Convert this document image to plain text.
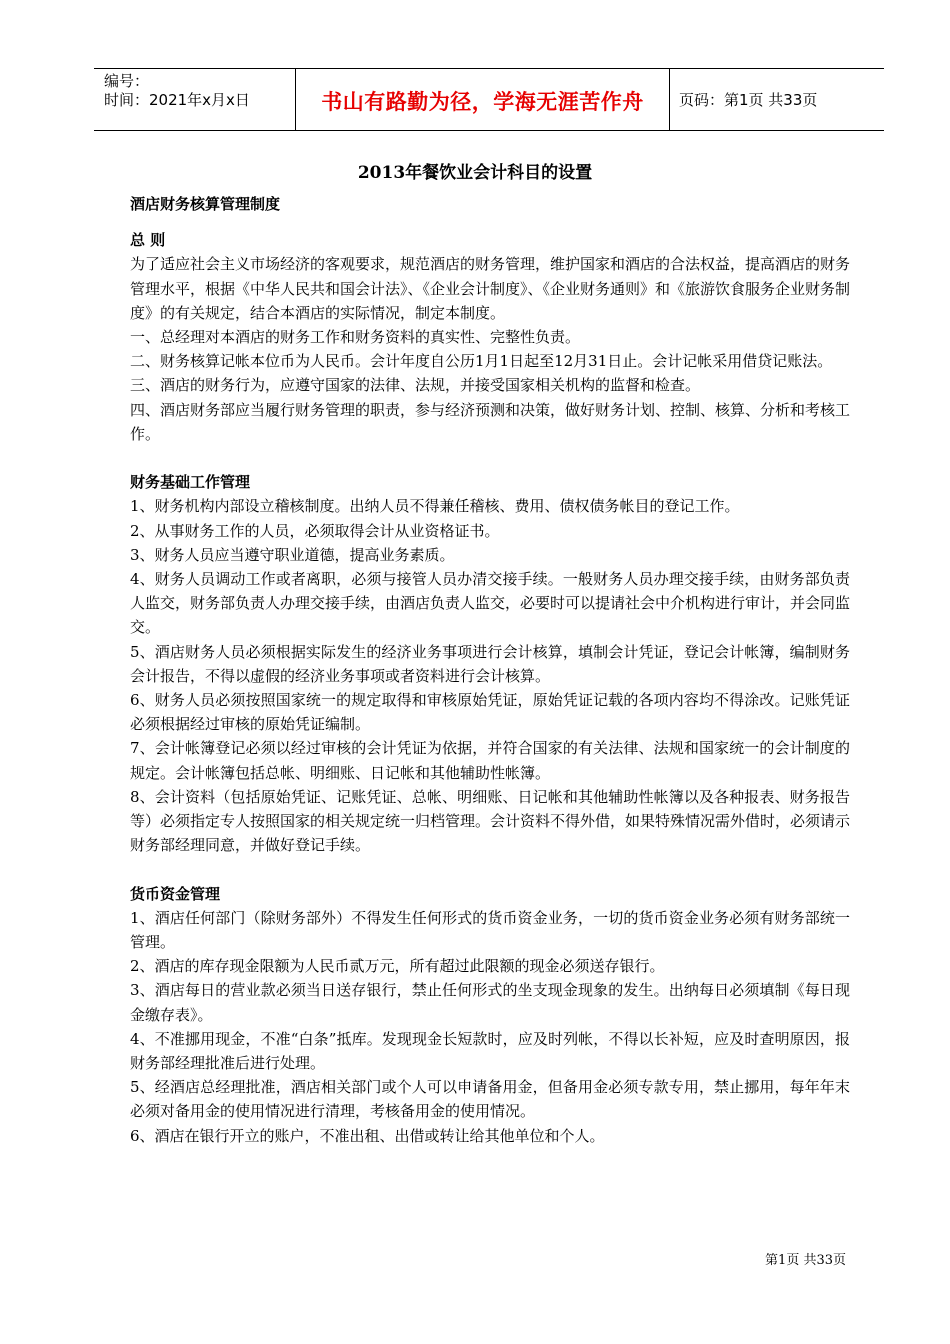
编号：
时间：2021年x月x日	书山有路勤为径，学海无涯苦作舟	页码：第1页 共33页
2013年餐饮业会计科目的设置

酒店财务核算管理制度

总 则

为了适应社会主义市场经济的客观要求，规范酒店的财务管理，维护国家和酒店的合法权益，提高酒店的财务管理水平，根据《中华人民共和国会计法》、《企业会计制度》、《企业财务通则》和《旅游饮食服务企业财务制度》的有关规定，结合本酒店的实际情况，制定本制度。

一、总经理对本酒店的财务工作和财务资料的真实性、完整性负责。

二、财务核算记帐本位币为人民币。会计年度自公历1月1日起至12月31日止。会计记帐采用借贷记账法。

三、酒店的财务行为，应遵守国家的法律、法规，并接受国家相关机构的监督和检查。

四、酒店财务部应当履行财务管理的职责，参与经济预测和决策，做好财务计划、控制、核算、分析和考核工作。

财务基础工作管理

1、财务机构内部设立稽核制度。出纳人员不得兼任稽核、费用、债权债务帐目的登记工作。

2、从事财务工作的人员，必须取得会计从业资格证书。

3、财务人员应当遵守职业道德，提高业务素质。

4、财务人员调动工作或者离职，必须与接管人员办清交接手续。一般财务人员办理交接手续，由财务部负责人监交，财务部负责人办理交接手续，由酒店负责人监交，必要时可以提请社会中介机构进行审计，并会同监交。

5、酒店财务人员必须根据实际发生的经济业务事项进行会计核算，填制会计凭证，登记会计帐簿，编制财务会计报告，不得以虚假的经济业务事项或者资料进行会计核算。

6、财务人员必须按照国家统一的规定取得和审核原始凭证，原始凭证记载的各项内容均不得涂改。记账凭证必须根据经过审核的原始凭证编制。

7、会计帐簿登记必须以经过审核的会计凭证为依据，并符合国家的有关法律、法规和国家统一的会计制度的规定。会计帐簿包括总帐、明细账、日记帐和其他辅助性帐簿。

8、会计资料（包括原始凭证、记账凭证、总帐、明细账、日记帐和其他辅助性帐簿以及各种报表、财务报告等）必须指定专人按照国家的相关规定统一归档管理。会计资料不得外借，如果特殊情况需外借时，必须请示财务部经理同意，并做好登记手续。

货币资金管理

1、酒店任何部门（除财务部外）不得发生任何形式的货币资金业务，一切的货币资金业务必须有财务部统一管理。

2、酒店的库存现金限额为人民币贰万元，所有超过此限额的现金必须送存银行。

3、酒店每日的营业款必须当日送存银行，禁止任何形式的坐支现金现象的发生。出纳每日必须填制《每日现金缴存表》。

4、不准挪用现金，不准“白条”抵库。发现现金长短款时，应及时列帐，不得以长补短，应及时查明原因，报财务部经理批准后进行处理。

5、经酒店总经理批准，酒店相关部门或个人可以申请备用金，但备用金必须专款专用，禁止挪用，每年年末必须对备用金的使用情况进行清理，考核备用金的使用情况。

6、酒店在银行开立的账户，不准出租、出借或转让给其他单位和个人。

第1页 共33页
